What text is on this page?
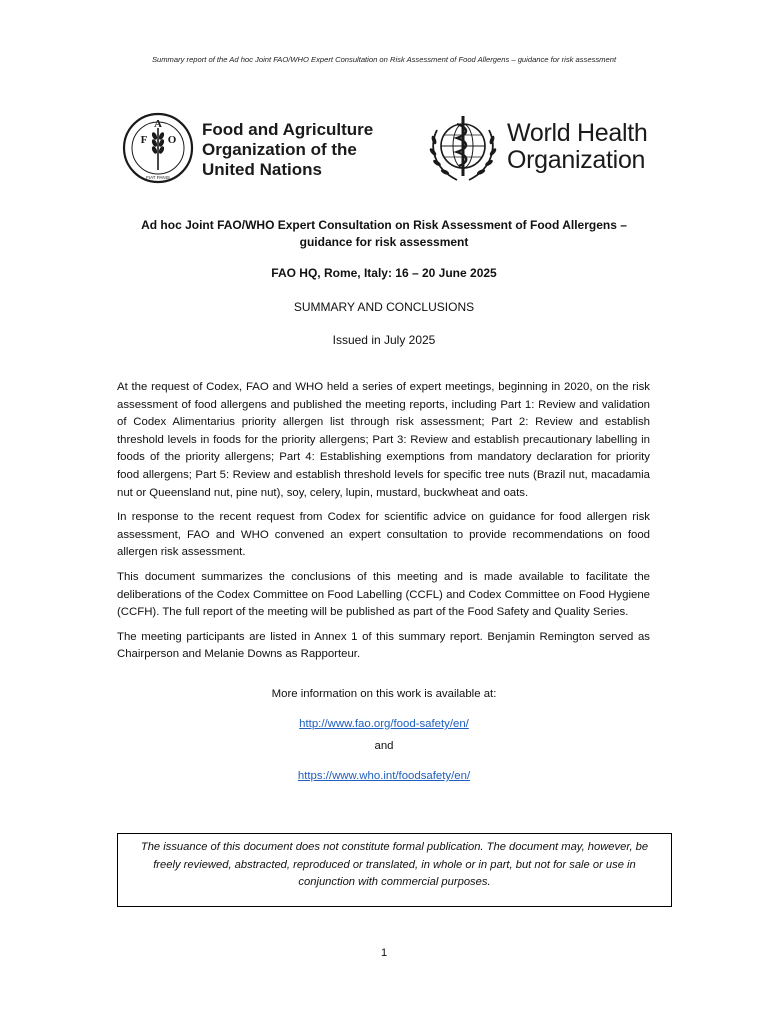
Summary report of the Ad hoc Joint FAO/WHO Expert Consultation on Risk Assessment of Food Allergens – guidance for risk assessment
F
A
O
FIAT PANIS
Food and Agriculture
Organization of the
United Nations
World Health
Organization
Ad hoc Joint FAO/WHO Expert Consultation on Risk Assessment of Food Allergens –
guidance for risk assessment
FAO HQ, Rome, Italy: 16 – 20 June 2025
SUMMARY AND CONCLUSIONS
Issued in July 2025

At the request of Codex, FAO and WHO held a series of expert meetings, beginning in 2020, on the risk assessment of food allergens and published the meeting reports, including Part 1: Review and validation of Codex Alimentarius priority allergen list through risk assessment; Part 2: Review and establish threshold levels in foods for the priority allergens; Part 3: Review and establish precautionary labelling in foods of the priority allergens; Part 4: Establishing exemptions from mandatory declaration for priority food allergens; Part 5: Review and establish threshold levels for specific tree nuts (Brazil nut, macadamia nut or Queensland nut, pine nut), soy, celery, lupin, mustard, buckwheat and oats.

In response to the recent request from Codex for scientific advice on guidance for food allergen risk assessment, FAO and WHO convened an expert consultation to provide recommendations on food allergen risk assessment.

This document summarizes the conclusions of this meeting and is made available to facilitate the deliberations of the Codex Committee on Food Labelling (CCFL) and Codex Committee on Food Hygiene (CCFH). The full report of the meeting will be published as part of the Food Safety and Quality Series.

The meeting participants are listed in Annex 1 of this summary report. Benjamin Remington served as Chairperson and Melanie Downs as Rapporteur.

More information on this work is available at:
http://www.fao.org/food-safety/en/
and
https://www.who.int/foodsafety/en/
The issuance of this document does not constitute formal publication. The document may, however, be freely reviewed, abstracted, reproduced or translated, in whole or in part, but not for sale or use in conjunction with commercial purposes.
1
